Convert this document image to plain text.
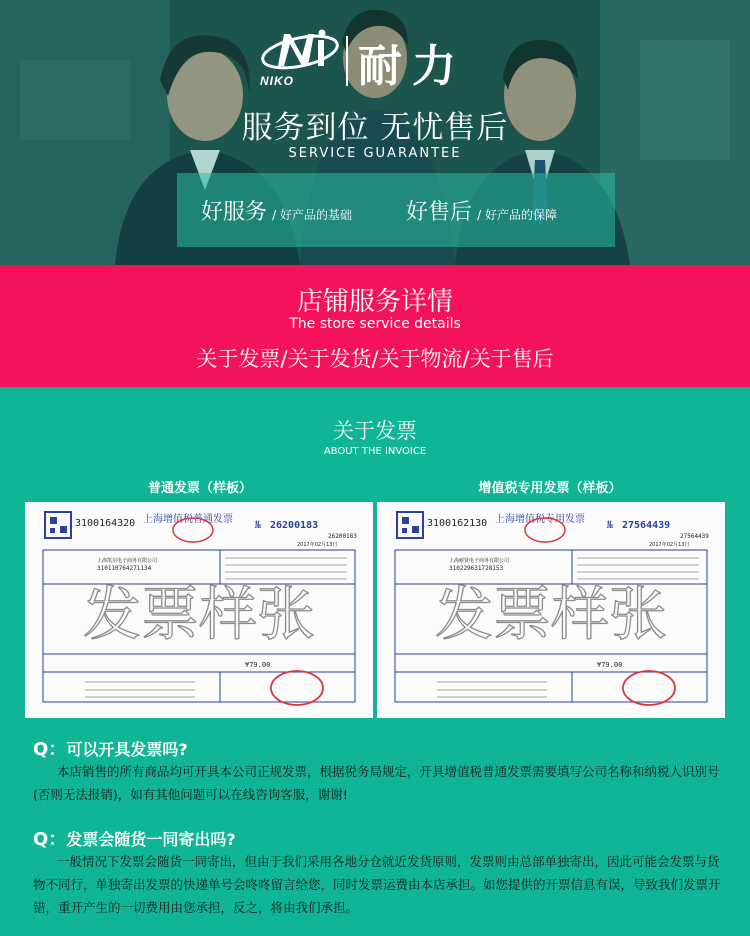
NIKO 耐力
服务到位 无忧售后
SERVICE GUARANTEE
好服务 / 好产品的基础 好售后 / 好产品的保障
店铺服务详情
The store service details
关于发票/关于发货/关于物流/关于售后
关于发票
ABOUT THE INVOICE
普通发票（样板）	增值税专用发票（样板）
3100164320 上海增值税普通发票
№ 26200183
26200183
2017年02月13日
上海凯尔电子商务有限公司
310110764271134
¥79.00
发票样张
3100162130 上海增值税专用发票
№ 27564439
27564439
2017年02月13日
上海耐贤电子商务有限公司
310229631728153
¥79.00
发票样张
Q：可以开具发票吗?
本店销售的所有商品均可开具本公司正规发票，根据税务局规定，开具增值税普通发票需要填写公司名称和纳税人识别号(否则无法报销)，如有其他问题可以在线咨询客服，谢谢!
Q：发票会随货一同寄出吗?
一般情况下发票会随货一同寄出，但由于我们采用各地分仓就近发货原则，发票则由总部单独寄出，因此可能会发票与货物不同行，单独寄出发票的快递单号会咚咚留言给您，同时发票运费由本店承担。如您提供的开票信息有误，导致我们发票开错，重开产生的一切费用由您承担，反之，将由我们承担。
